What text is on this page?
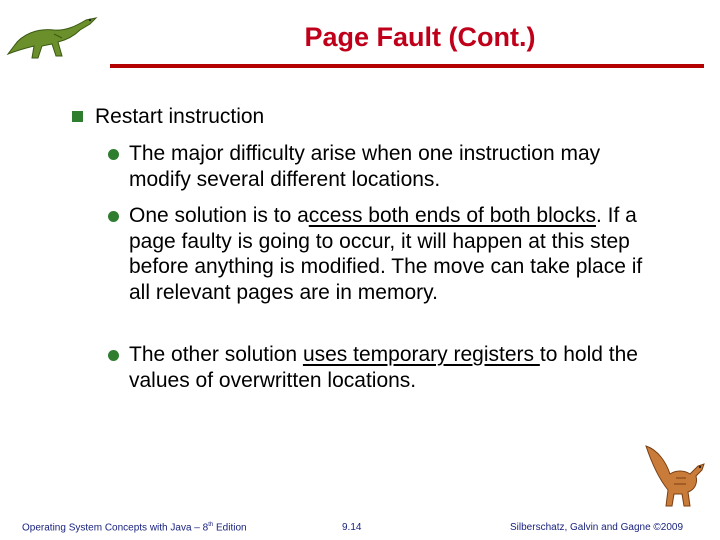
Page Fault (Cont.)
Restart instruction
The major difficulty arise when one instruction may modify several different locations.
One solution is to access both ends of both blocks. If a page faulty is going to occur, it will happen at this step before anything is modified. The move can take place if all relevant pages are in memory.
The other solution uses temporary registers to hold the values of overwritten locations.
Operating System Concepts with Java – 8th Edition	9.14	Silberschatz, Galvin and Gagne ©2009
